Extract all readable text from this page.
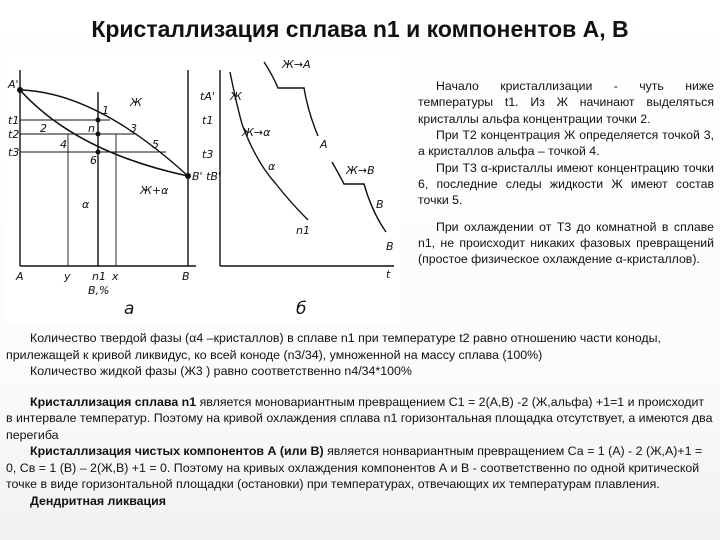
Кристаллизация сплава n1 и компонентов А, В
A'
t1
t2
t3
1
2	3
4	5
6
n
Ж
α
Ж+α
B' tB'
A	y n1 x	B
B,%
а
tA'
t1
t3
Ж→A
Ж
Ж→α
A
α
n1
Ж→В
B
B
t
б

Начало кристаллизации - чуть ниже температуры t1. Из Ж начинают выделяться кристаллы альфа концентрации точки 2.

При Т2 концентрация Ж определяется точкой 3, а кристаллов альфа – точкой 4.

При Т3 α-кристаллы имеют концентрацию точки 6, последние следы жидкости Ж имеют состав точки 5.

При охлаждении от Т3 до комнатной в сплаве n1, не происходит никаких фазовых превращений (простое физическое охлаждение α-кристаллов).

Количество твердой фазы (α4 –кристаллов) в сплаве n1 при температуре t2 равно отношению части коноды, прилежащей к кривой ликвидус, ко всей коноде (n3/34), умноженной на массу сплава (100%)

Количество жидкой фазы (Ж3 ) равно соответственно n4/34*100%

Кристаллизация сплава n1 является моновариантным превращением С1 = 2(А,В) -2 (Ж,альфа) +1=1 и происходит в интервале температур. Поэтому на кривой охлаждения сплава n1 горизонтальная площадка отсутствует, а имеются два перегиба

Кристаллизация чистых компонентов А (или В) является нонвариантным превращением Са = 1 (А) - 2 (Ж,А)+1 = 0, Св = 1 (В) – 2(Ж,В) +1 = 0. Поэтому на кривых охлаждения компонентов А и В - соответственно по одной критической точке в виде горизонтальной площадки (остановки) при температурах, отвечающих их температурам плавления.

Дендритная ликвация
